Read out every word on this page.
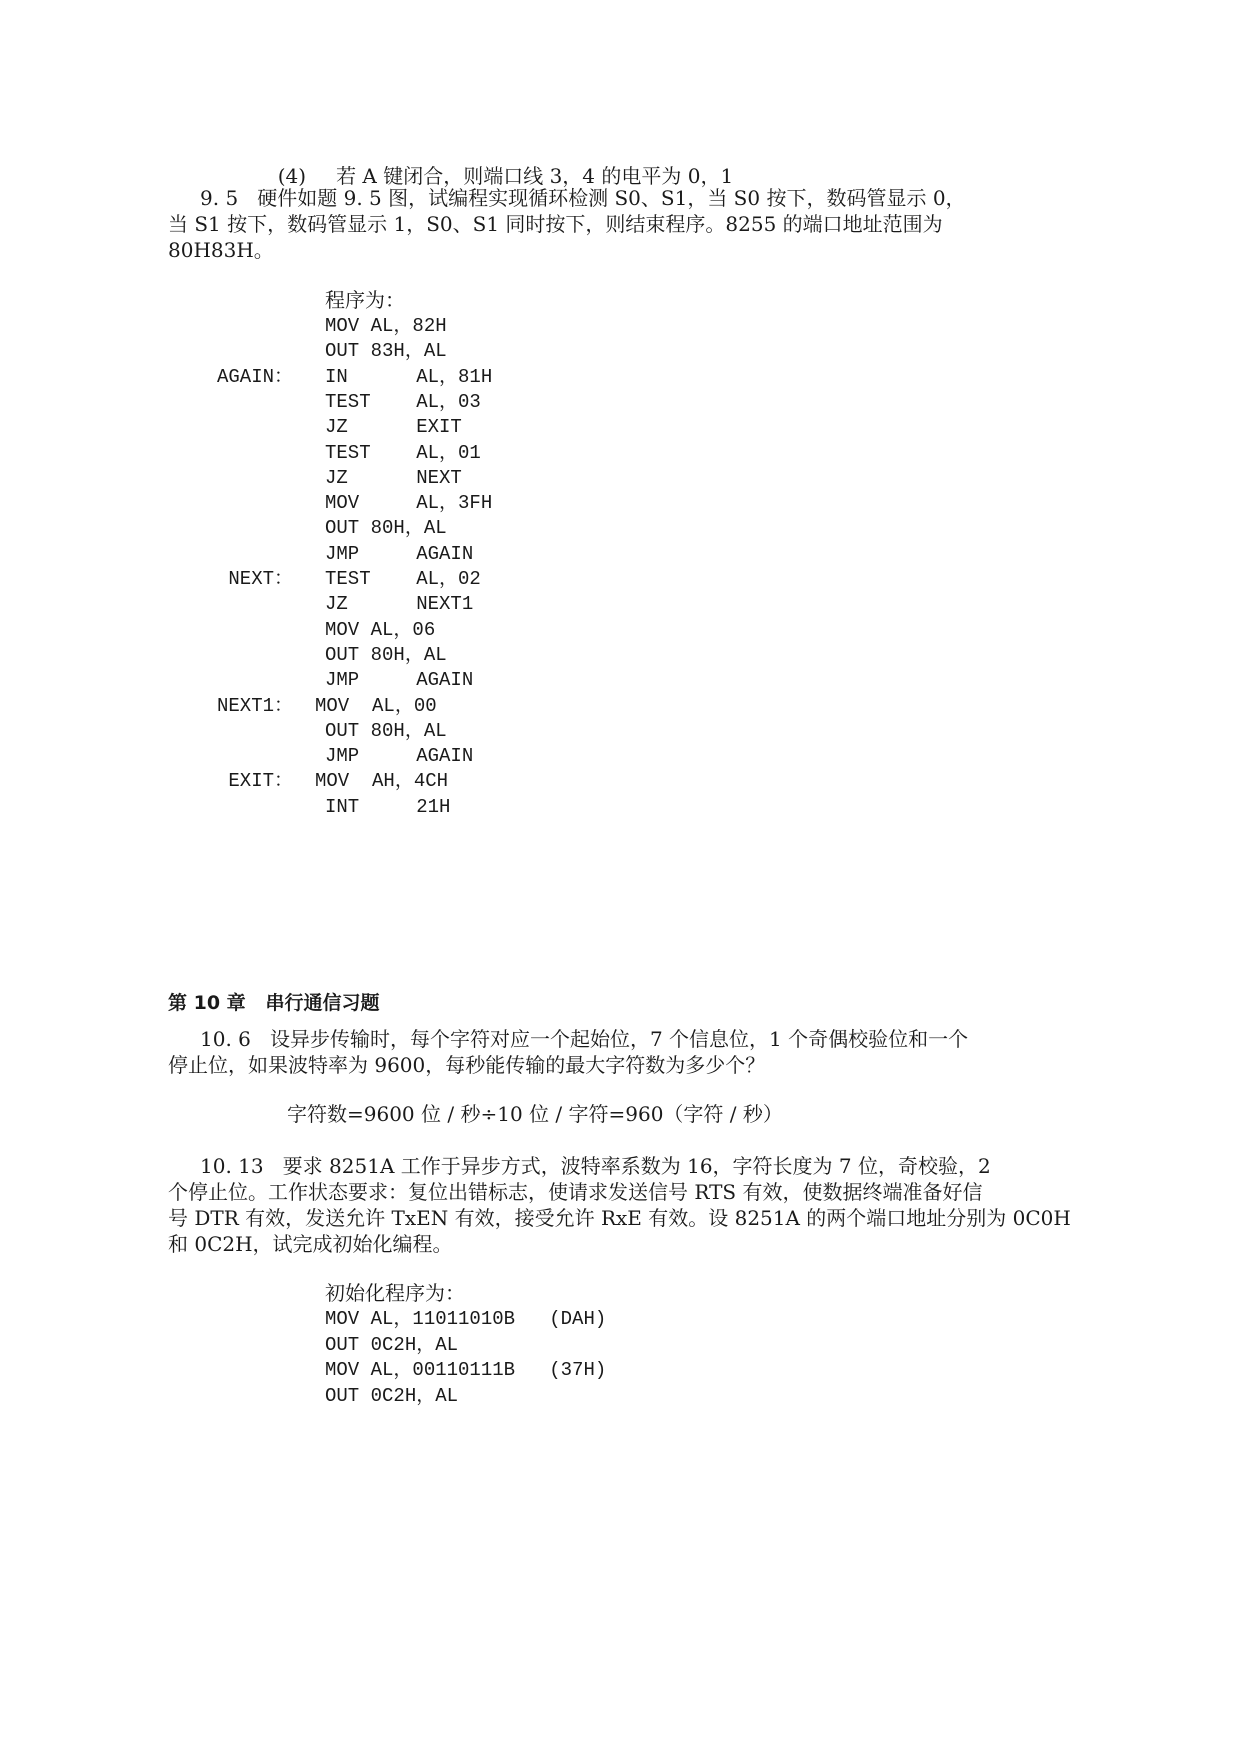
(4) 若 A 键闭合，则端口线 3，4 的电平为 0，1

9. 5   硬件如题 9. 5 图，试编程实现循环检测 S0、S1，当 S0 按下，数码管显示 0，
当 S1 按下，数码管显示 1，S0、S1 同时按下，则结束程序。8255 的端口地址范围为
80H83H。
程序为：
MOV AL，82H
OUT 83H，AL
AGAIN： IN      AL，81H
TEST    AL，03
JZ      EXIT
TEST    AL，01
JZ      NEXT
MOV     AL，3FH
OUT 80H，AL
JMP     AGAIN
NEXT： TEST    AL，02
JZ      NEXT1
MOV AL，06
OUT 80H，AL
JMP     AGAIN
NEXT1： MOV  AL，00
OUT 80H，AL
JMP     AGAIN
EXIT： MOV  AH，4CH
INT     21H
第 10 章   串行通信习题
10. 6   设异步传输时，每个字符对应一个起始位，7 个信息位，1 个奇偶校验位和一个
停止位，如果波特率为 9600，每秒能传输的最大字符数为多少个？
字符数=9600 位 / 秒÷10 位 / 字符=960（字符 / 秒）
10. 13   要求 8251A 工作于异步方式，波特率系数为 16，字符长度为 7 位，奇校验，2
个停止位。工作状态要求：复位出错标志，使请求发送信号 RTS 有效，使数据终端准备好信
号 DTR 有效，发送允许 TxEN 有效，接受允许 RxE 有效。设 8251A 的两个端口地址分别为 0C0H
和 0C2H，试完成初始化编程。
初始化程序为：
MOV AL，11011010B   (DAH)
OUT 0C2H，AL
MOV AL，00110111B   (37H)
OUT 0C2H，AL
